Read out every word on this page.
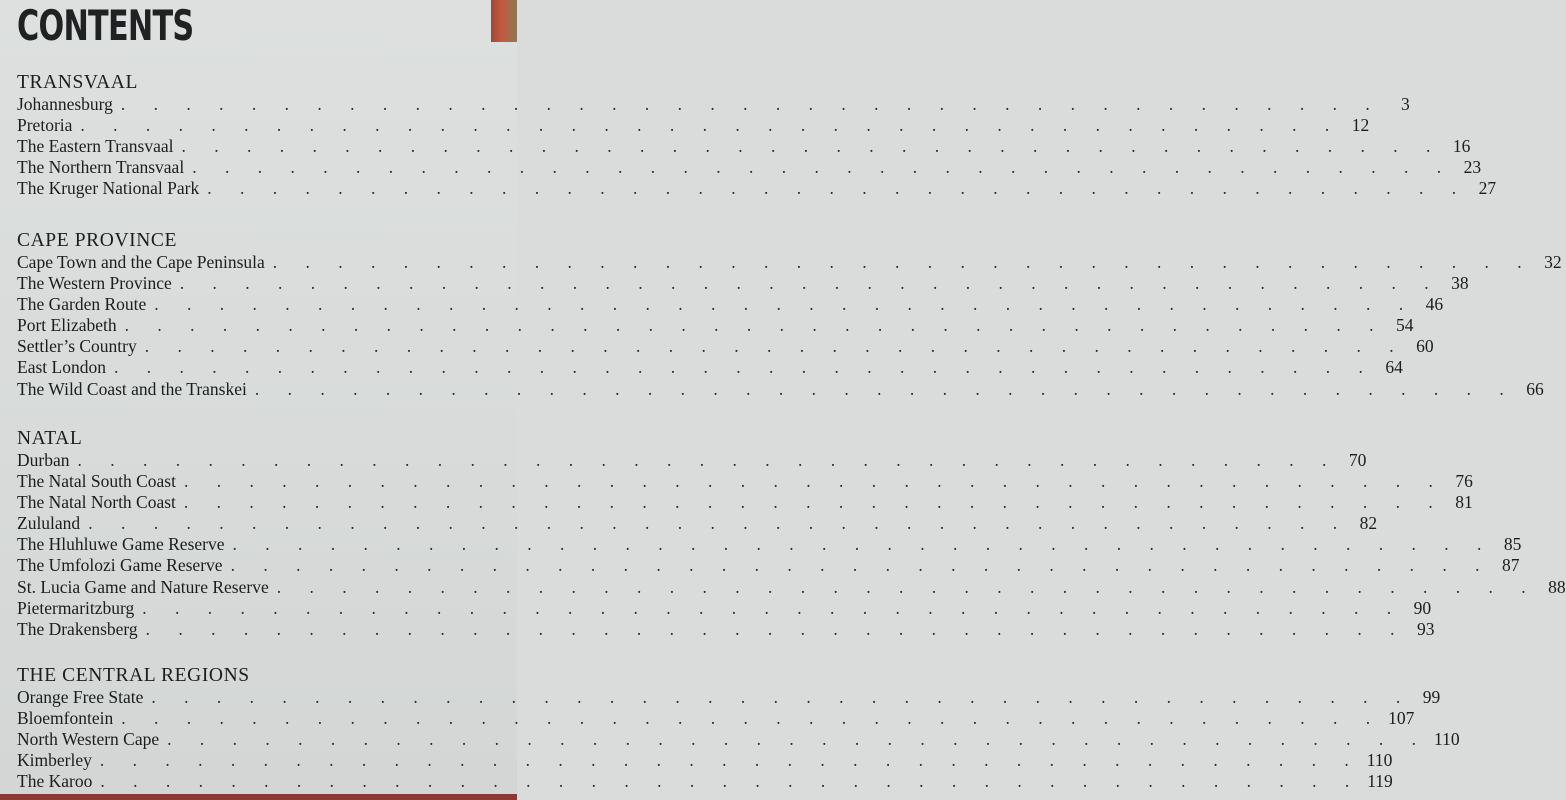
CONTENTS
TRANSVAAL
Johannesburg . . . . . . . . . . . . . . . . . . . . . . . . . . . . . . . . . . . . . . .	3
Pretoria . . . . . . . . . . . . . . . . . . . . . . . . . . . . . . . . . . . . . . . 12
The Eastern Transvaal . . . . . . . . . . . . . . . . . . . . . . . . . . . . . . . . . . . . . . . 16
The Northern Transvaal . . . . . . . . . . . . . . . . . . . . . . . . . . . . . . . . . . . . . . . 23
The Kruger National Park . . . . . . . . . . . . . . . . . . . . . . . . . . . . . . . . . . . . . . . 27
CAPE PROVINCE
Cape Town and the Cape Peninsula . . . . . . . . . . . . . . . . . . . . . . . . . . . . . . . . . . . . . . . 32
The Western Province . . . . . . . . . . . . . . . . . . . . . . . . . . . . . . . . . . . . . . . 38
The Garden Route . . . . . . . . . . . . . . . . . . . . . . . . . . . . . . . . . . . . . . . 46
Port Elizabeth . . . . . . . . . . . . . . . . . . . . . . . . . . . . . . . . . . . . . . . 54
Settler’s Country . . . . . . . . . . . . . . . . . . . . . . . . . . . . . . . . . . . . . . . 60
East London . . . . . . . . . . . . . . . . . . . . . . . . . . . . . . . . . . . . . . . 64
The Wild Coast and the Transkei . . . . . . . . . . . . . . . . . . . . . . . . . . . . . . . . . . . . . . . 66
NATAL
Durban . . . . . . . . . . . . . . . . . . . . . . . . . . . . . . . . . . . . . . . 70
The Natal South Coast . . . . . . . . . . . . . . . . . . . . . . . . . . . . . . . . . . . . . . . 76
The Natal North Coast . . . . . . . . . . . . . . . . . . . . . . . . . . . . . . . . . . . . . . . 81
Zululand . . . . . . . . . . . . . . . . . . . . . . . . . . . . . . . . . . . . . . . 82
The Hluhluwe Game Reserve . . . . . . . . . . . . . . . . . . . . . . . . . . . . . . . . . . . . . . . 85
The Umfolozi Game Reserve . . . . . . . . . . . . . . . . . . . . . . . . . . . . . . . . . . . . . . . 87
St. Lucia Game and Nature Reserve . . . . . . . . . . . . . . . . . . . . . . . . . . . . . . . . . . . . . . . 88
Pietermaritzburg . . . . . . . . . . . . . . . . . . . . . . . . . . . . . . . . . . . . . . . 90
The Drakensberg . . . . . . . . . . . . . . . . . . . . . . . . . . . . . . . . . . . . . . . 93
THE CENTRAL REGIONS
Orange Free State . . . . . . . . . . . . . . . . . . . . . . . . . . . . . . . . . . . . . . . 99
Bloemfontein . . . . . . . . . . . . . . . . . . . . . . . . . . . . . . . . . . . . . . . 107
North Western Cape . . . . . . . . . . . . . . . . . . . . . . . . . . . . . . . . . . . . . . . 110
Kimberley . . . . . . . . . . . . . . . . . . . . . . . . . . . . . . . . . . . . . . . 110
The Karoo . . . . . . . . . . . . . . . . . . . . . . . . . . . . . . . . . . . . . . . 119
